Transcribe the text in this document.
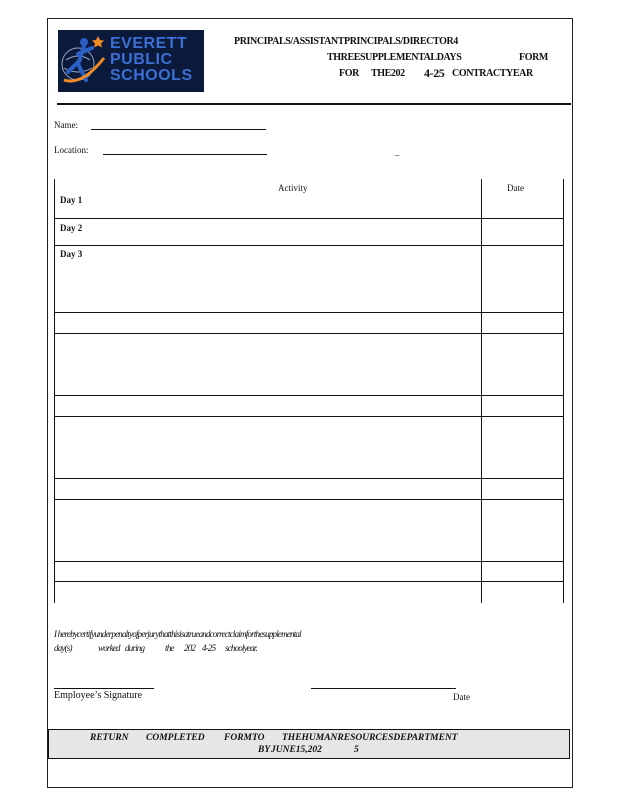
EVERETT
PUBLIC
SCHOOLS
PRINCIPALS/ASSISTANTPRINCIPALS/DIRECTOR4
THREESUPPLEMENTALDAYS	FORM
FOR THE202 4-25 CONTRACTYEAR
Name:
Location:	_
Activity	Date
Day 1
Day 2
Day 3
I herebycertifyunderpenaltyofperjurythatthisisatrueandcorrectclaimforthesupplemental
day(s)	worked during the 202 4-25 schoolyear.
Employee’s Signature	Date
RETURN COMPLETED FORMTO THEHUMANRESOURCESDEPARTMENT
BY JUNE15,202	5
